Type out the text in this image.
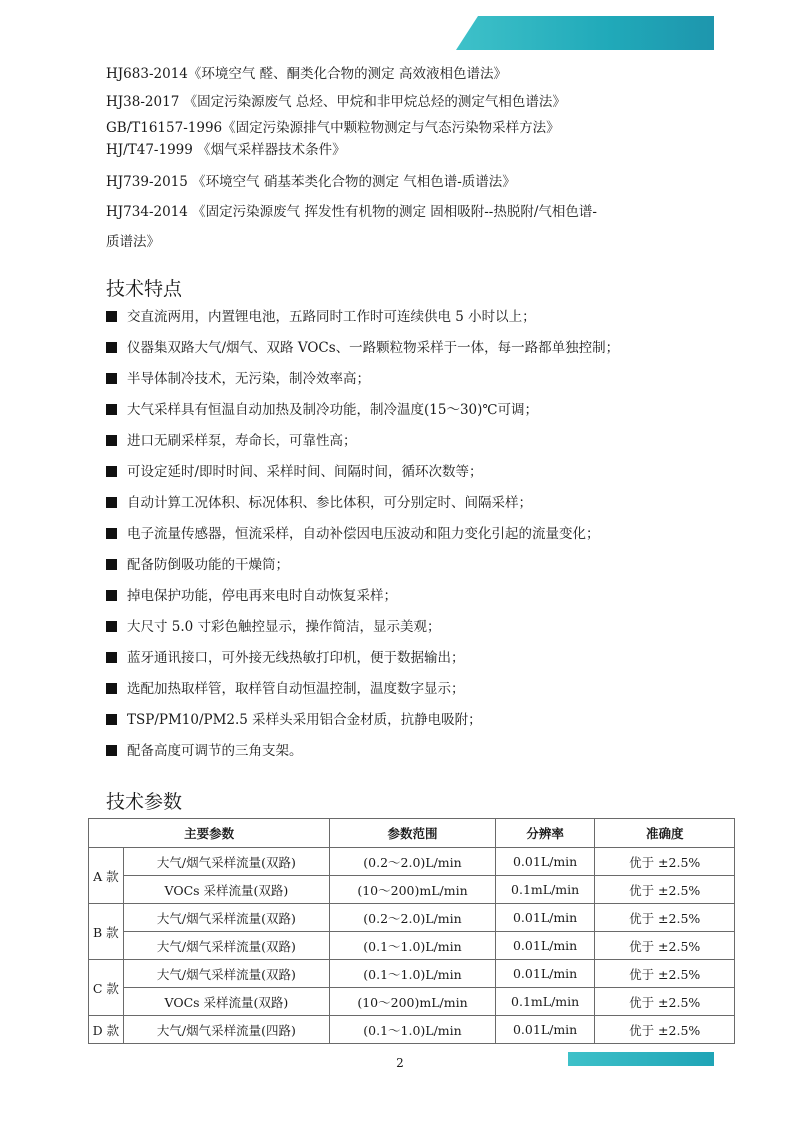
HJ683-2014《环境空气 醛、酮类化合物的测定 高效液相色谱法》
HJ38-2017 《固定污染源废气 总烃、甲烷和非甲烷总烃的测定气相色谱法》
GB/T16157-1996《固定污染源排气中颗粒物测定与气态污染物采样方法》
HJ/T47-1999 《烟气采样器技术条件》
HJ739-2015 《环境空气 硝基苯类化合物的测定 气相色谱-质谱法》
HJ734-2014 《固定污染源废气 挥发性有机物的测定 固相吸附--热脱附/气相色谱-
质谱法》
技术特点
交直流两用，内置锂电池，五路同时工作时可连续供电 5 小时以上；
仪器集双路大气/烟气、双路 VOCs、一路颗粒物采样于一体，每一路都单独控制；
半导体制冷技术，无污染，制冷效率高；
大气采样具有恒温自动加热及制冷功能，制冷温度(15～30)℃可调；
进口无刷采样泵，寿命长，可靠性高；
可设定延时/即时时间、采样时间、间隔时间，循环次数等；
自动计算工况体积、标况体积、参比体积，可分别定时、间隔采样；
电子流量传感器，恒流采样，自动补偿因电压波动和阻力变化引起的流量变化；
配备防倒吸功能的干燥筒；
掉电保护功能，停电再来电时自动恢复采样；
大尺寸 5.0 寸彩色触控显示，操作简洁，显示美观；
蓝牙通讯接口，可外接无线热敏打印机，便于数据输出；
选配加热取样管，取样管自动恒温控制，温度数字显示；
TSP/PM10/PM2.5 采样头采用铝合金材质，抗静电吸附；
配备高度可调节的三角支架。
技术参数
主要参数		参数范围	分辨率	准确度
A 款	大气/烟气采样流量(双路)	(0.2～2.0)L/min	0.01L/min	优于 ±2.5%
	VOCs 采样流量(双路)	(10～200)mL/min	0.1mL/min	优于 ±2.5%
B 款	大气/烟气采样流量(双路)	(0.2～2.0)L/min	0.01L/min	优于 ±2.5%
	大气/烟气采样流量(双路)	(0.1～1.0)L/min	0.01L/min	优于 ±2.5%
C 款	大气/烟气采样流量(双路)	(0.1～1.0)L/min	0.01L/min	优于 ±2.5%
	VOCs 采样流量(双路)	(10～200)mL/min	0.1mL/min	优于 ±2.5%
D 款	大气/烟气采样流量(四路)	(0.1～1.0)L/min	0.01L/min	优于 ±2.5%
2
